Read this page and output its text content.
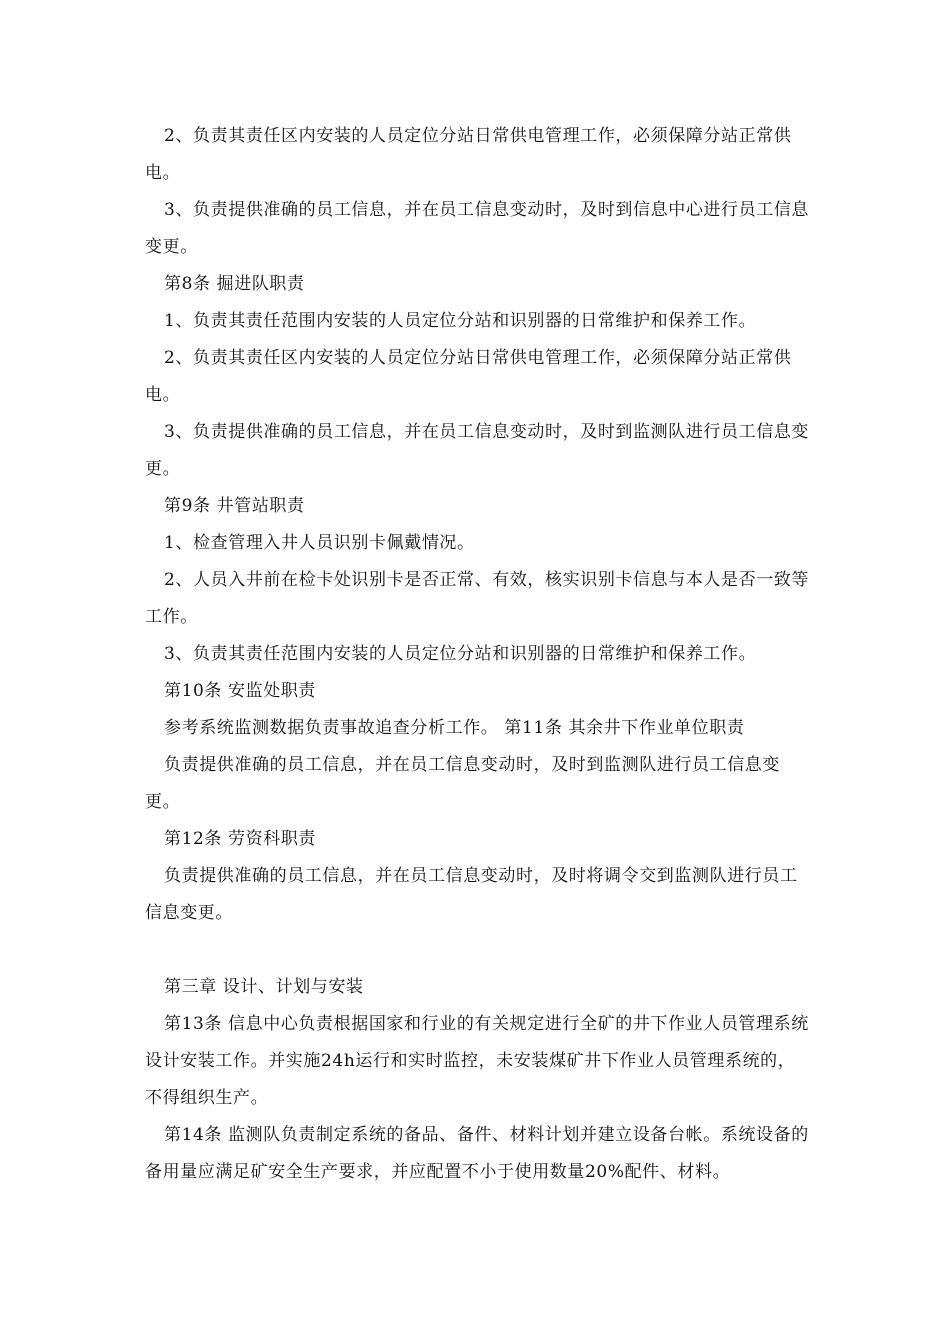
2、负责其责任区内安装的人员定位分站日常供电管理工作，必须保障分站正常供电。

3、负责提供准确的员工信息，并在员工信息变动时，及时到信息中心进行员工信息变更。

第8条 掘进队职责

1、负责其责任范围内安装的人员定位分站和识别器的日常维护和保养工作。

2、负责其责任区内安装的人员定位分站日常供电管理工作，必须保障分站正常供电。

3、负责提供准确的员工信息，并在员工信息变动时，及时到监测队进行员工信息变更。

第9条 井管站职责

1、检查管理入井人员识别卡佩戴情况。

2、人员入井前在检卡处识别卡是否正常、有效，核实识别卡信息与本人是否一致等工作。

3、负责其责任范围内安装的人员定位分站和识别器的日常维护和保养工作。

第10条 安监处职责

参考系统监测数据负责事故追查分析工作。 第11条 其余井下作业单位职责

负责提供准确的员工信息，并在员工信息变动时，及时到监测队进行员工信息变更。

第12条 劳资科职责

负责提供准确的员工信息，并在员工信息变动时，及时将调令交到监测队进行员工信息变更。

第三章 设计、计划与安装

第13条 信息中心负责根据国家和行业的有关规定进行全矿的井下作业人员管理系统设计安装工作。并实施24h运行和实时监控，未安装煤矿井下作业人员管理系统的，不得组织生产。

第14条 监测队负责制定系统的备品、备件、材料计划并建立设备台帐。系统设备的备用量应满足矿安全生产要求，并应配置不小于使用数量20%配件、材料。
